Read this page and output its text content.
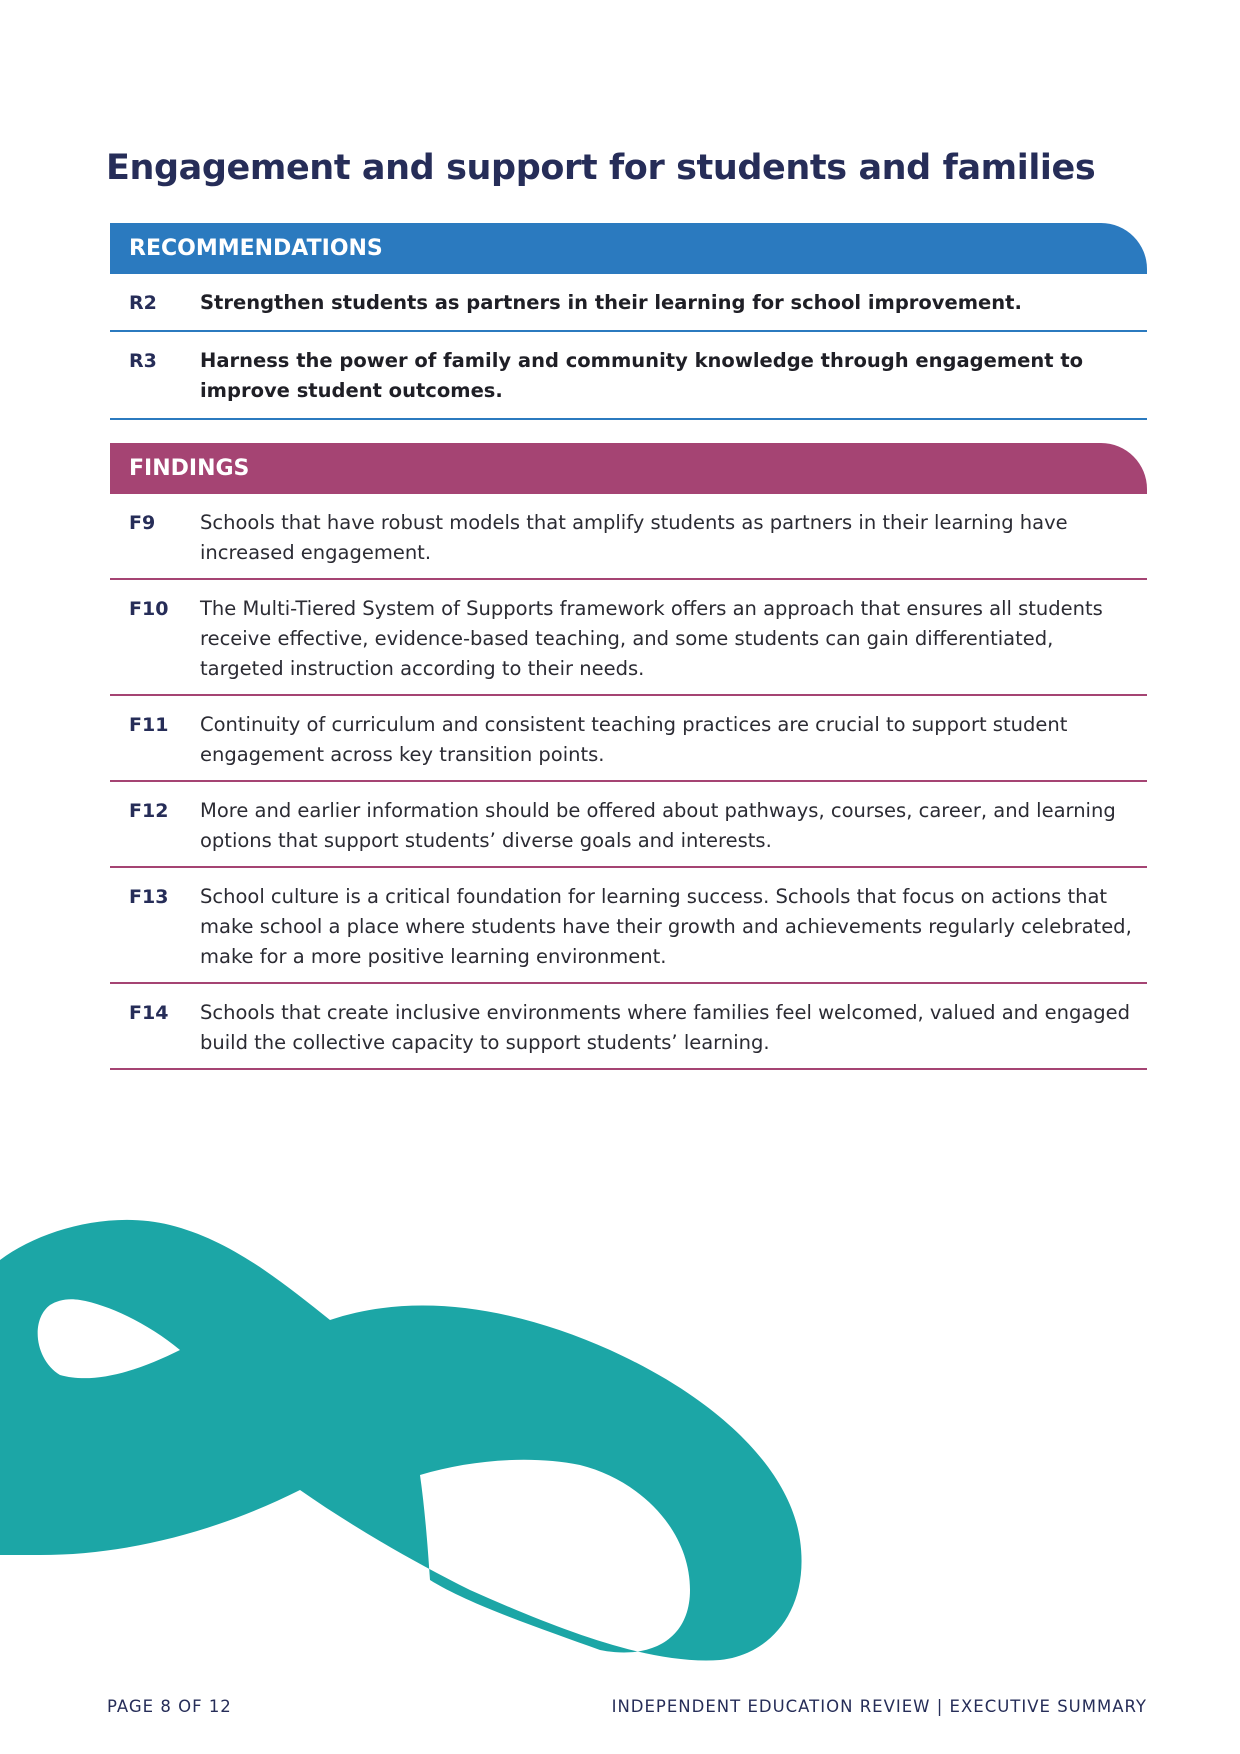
Engagement and support for students and families
RECOMMENDATIONS
R2	Strengthen students as partners in their learning for school improvement.
R3	Harness the power of family and community knowledge through engagement to improve student outcomes.
FINDINGS
F9	Schools that have robust models that amplify students as partners in their learning have increased engagement.
F10	The Multi-Tiered System of Supports framework offers an approach that ensures all students receive effective, evidence-based teaching, and some students can gain differentiated, targeted instruction according to their needs.
F11	Continuity of curriculum and consistent teaching practices are crucial to support student engagement across key transition points.
F12	More and earlier information should be offered about pathways, courses, career, and learning options that support students’ diverse goals and interests.
F13	School culture is a critical foundation for learning success. Schools that focus on actions that make school a place where students have their growth and achievements regularly celebrated, make for a more positive learning environment.
F14	Schools that create inclusive environments where families feel welcomed, valued and engaged build the collective capacity to support students’ learning.
PAGE 8 OF 12	INDEPENDENT EDUCATION REVIEW | EXECUTIVE SUMMARY
